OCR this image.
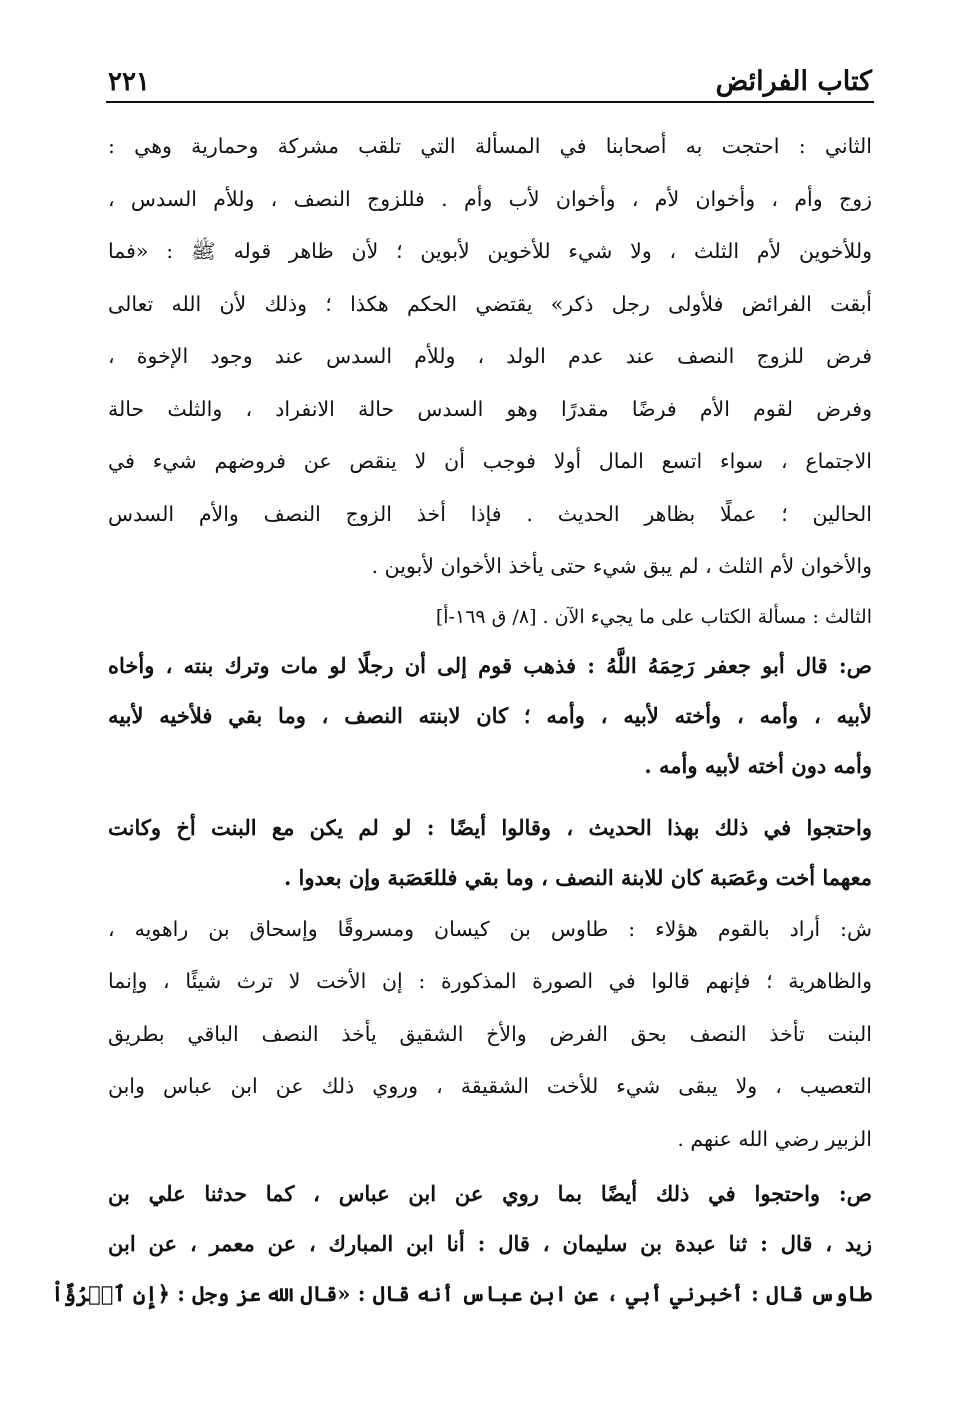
كتاب الفرائض
٢٢١
الثاني : احتجت به أصحابنا في المسألة التي تلقب مشركة وحمارية وهي :
زوج وأم ، وأخوان لأم ، وأخوان لأب وأم . فللزوج النصف ، وللأم السدس ،
وللأخوين لأم الثلث ، ولا شيء للأخوين لأبوين ؛ لأن ظاهر قوله ﷺ : «فما
أبقت الفرائض فلأولى رجل ذكر» يقتضي الحكم هكذا ؛ وذلك لأن الله تعالى
فرض للزوج النصف عند عدم الولد ، وللأم السدس عند وجود الإخوة ،
وفرض لقوم الأم فرضًا مقدرًا وهو السدس حالة الانفراد ، والثلث حالة
الاجتماع ، سواء اتسع المال أولا فوجب أن لا ينقص عن فروضهم شيء في
الحالين ؛ عملًا بظاهر الحديث . فإذا أخذ الزوج النصف والأم السدس
والأخوان لأم الثلث ، لم يبق شيء حتى يأخذ الأخوان لأبوين .
الثالث : مسألة الكتاب على ما يجيء الآن . [٨/ ق ١٦٩-أ]
ص: قال أبو جعفر رَحِمَهُ اللَّهُ : فذهب قوم إلى أن رجلًا لو مات وترك بنته ، وأخاه
لأبيه ، وأمه ، وأخته لأبيه ، وأمه ؛ كان لابنته النصف ، وما بقي فلأخيه لأبيه
وأمه دون أخته لأبيه وأمه .
واحتجوا في ذلك بهذا الحديث ، وقالوا أيضًا : لو لم يكن مع البنت أخ وكانت
معهما أخت وعَصَبة كان للابنة النصف ، وما بقي فللعَصَبة وإن بعدوا .
ش: أراد بالقوم هؤلاء : طاوس بن كيسان ومسروقًا وإسحاق بن راهويه ،
والظاهرية ؛ فإنهم قالوا في الصورة المذكورة : إن الأخت لا ترث شيئًا ، وإنما
البنت تأخذ النصف بحق الفرض والأخ الشقيق يأخذ النصف الباقي بطريق
التعصيب ، ولا يبقى شيء للأخت الشقيقة ، وروي ذلك عن ابن عباس وابن
الزبير رضي الله عنهم .
ص: واحتجوا في ذلك أيضًا بما روي عن ابن عباس ، كما حدثنا علي بن
زيد ، قال : ثنا عبدة بن سليمان ، قال : أنا ابن المبارك ، عن معمر ، عن ابن
طاوس قال : أخبرني أبي ، عن ابن عباس أنه قال : «قال الله عز وجل : ﴿إِنِ ٱمۡرُؤٌاْ
